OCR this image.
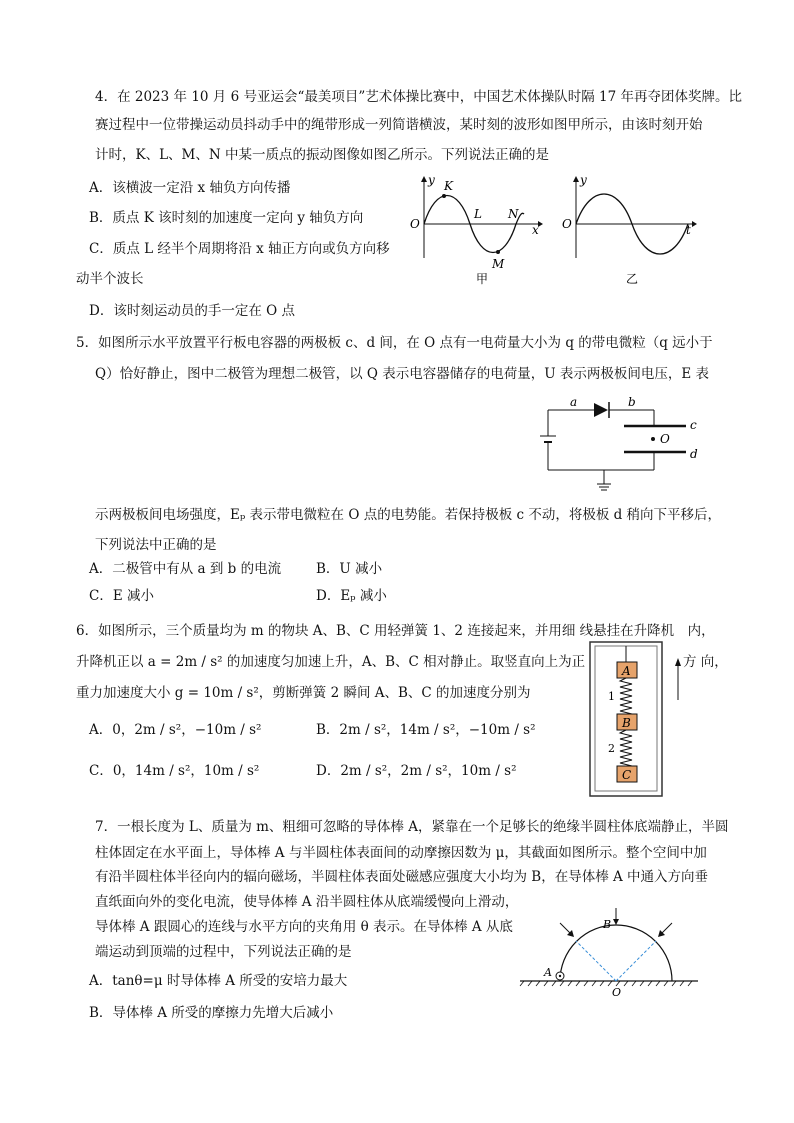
4．在 2023 年 10 月 6 号亚运会“最美项目”艺术体操比赛中，中国艺术体操队时隔 17 年再夺团体奖牌。比
赛过程中一位带操运动员抖动手中的绳带形成一列简谐横波，某时刻的波形如图甲所示，由该时刻开始
计时，K、L、M、N 中某一质点的振动图像如图乙所示。下列说法正确的是
A．该横波一定沿 x 轴负方向传播
B．质点 K 该时刻的加速度一定向 y 轴负方向
C．质点 L 经半个周期将沿 x 轴正方向或负方向移
动半个波长
D．该时刻运动员的手一定在 O 点
y
O
K
L
M
N
x
甲
y
O	t
乙
5．如图所示水平放置平行板电容器的两极板 c、d 间，在 O 点有一电荷量大小为 q 的带电微粒（q 远小于
Q）恰好静止，图中二极管为理想二极管，以 Q 表示电容器储存的电荷量，U 表示两极板间电压，E 表
a	b
c
O
d
示两极板间电场强度，Eₚ 表示带电微粒在 O 点的电势能。若保持极板 c 不动，将极板 d 稍向下平移后，
下列说法中正确的是
A．二极管中有从 a 到 b 的电流	B．U 减小
C．E 减小	D．Eₚ 减小
6．如图所示，三个质量均为 m 的物块 A、B、C 用轻弹簧 1、2 连接起来，并用细 线悬挂在升降机　内，
升降机正以 a = 2m / s² 的加速度匀加速上升，A、B、C 相对静止。取竖直向上为正	方 向，
重力加速度大小 g = 10m / s²，剪断弹簧 2 瞬间 A、B、C 的加速度分别为
A．0，2m / s²，−10m / s²	B．2m / s²，14m / s²，−10m / s²
C．0，14m / s²，10m / s²	D．2m / s²，2m / s²，10m / s²
A
B
C
1
2
7．一根长度为 L、质量为 m、粗细可忽略的导体棒 A，紧靠在一个足够长的绝缘半圆柱体底端静止，半圆
柱体固定在水平面上，导体棒 A 与半圆柱体表面间的动摩擦因数为 μ，其截面如图所示。整个空间中加
有沿半圆柱体半径向内的辐向磁场，半圆柱体表面处磁感应强度大小均为 B，在导体棒 A 中通入方向垂
直纸面向外的变化电流，使导体棒 A 沿半圆柱体从底端缓慢向上滑动，
导体棒 A 跟圆心的连线与水平方向的夹角用 θ 表示。在导体棒 A 从底
端运动到顶端的过程中，下列说法正确的是
A．tanθ=μ 时导体棒 A 所受的安培力最大
B．导体棒 A 所受的摩擦力先增大后减小
B
A
O
